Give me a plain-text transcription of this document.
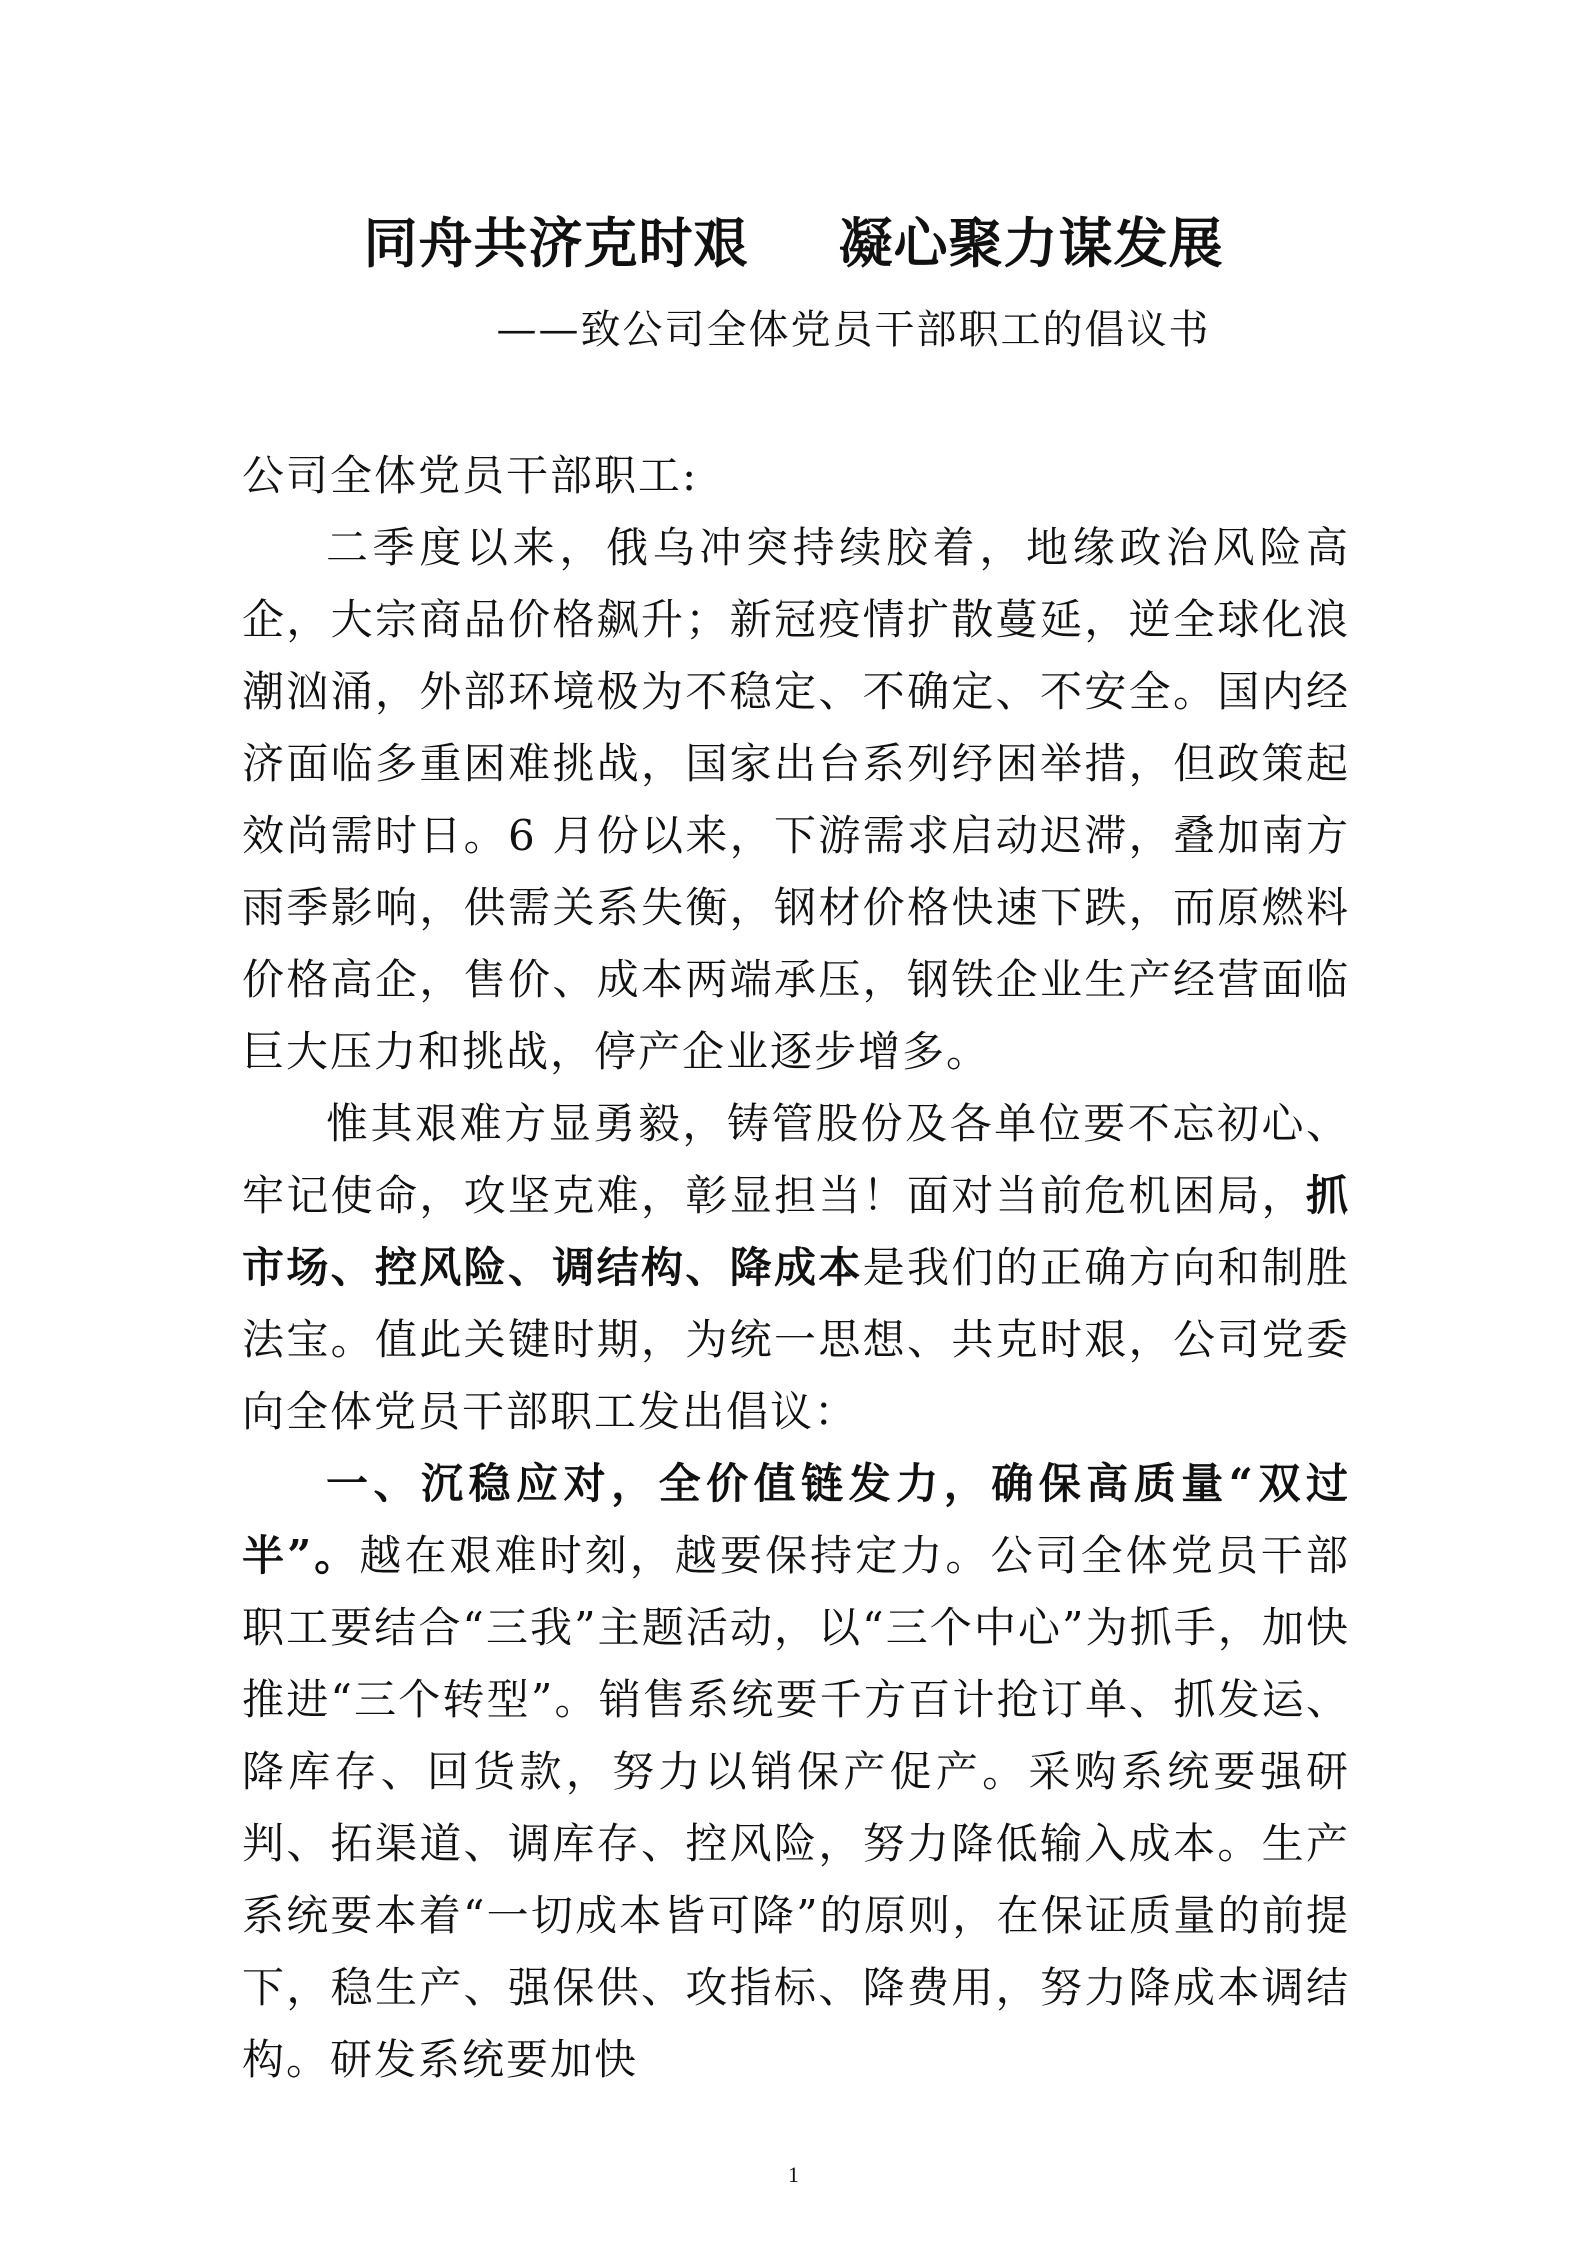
同舟共济克时艰 凝心聚力谋发展
——致公司全体党员干部职工的倡议书

公司全体党员干部职工:

二季度以来，俄乌冲突持续胶着，地缘政治风险高企，大宗商品价格飙升；新冠疫情扩散蔓延，逆全球化浪潮汹涌，外部环境极为不稳定、不确定、不安全。国内经济面临多重困难挑战，国家出台系列纾困举措，但政策起效尚需时日。6 月份以来，下游需求启动迟滞，叠加南方雨季影响，供需关系失衡，钢材价格快速下跌，而原燃料价格高企，售价、成本两端承压，钢铁企业生产经营面临巨大压力和挑战，停产企业逐步增多。

惟其艰难方显勇毅，铸管股份及各单位要不忘初心、牢记使命，攻坚克难，彰显担当！面对当前危机困局，抓市场、控风险、调结构、降成本是我们的正确方向和制胜法宝。值此关键时期，为统一思想、共克时艰，公司党委向全体党员干部职工发出倡议：

一、沉稳应对，全价值链发力，确保高质量“双过半”。越在艰难时刻，越要保持定力。公司全体党员干部职工要结合“三我”主题活动，以“三个中心”为抓手，加快推进“三个转型”。销售系统要千方百计抢订单、抓发运、降库存、回货款，努力以销保产促产。采购系统要强研判、拓渠道、调库存、控风险，努力降低输入成本。生产系统要本着“一切成本皆可降”的原则，在保证质量的前提下，稳生产、强保供、攻指标、降费用，努力降成本调结构。研发系统要加快

1
